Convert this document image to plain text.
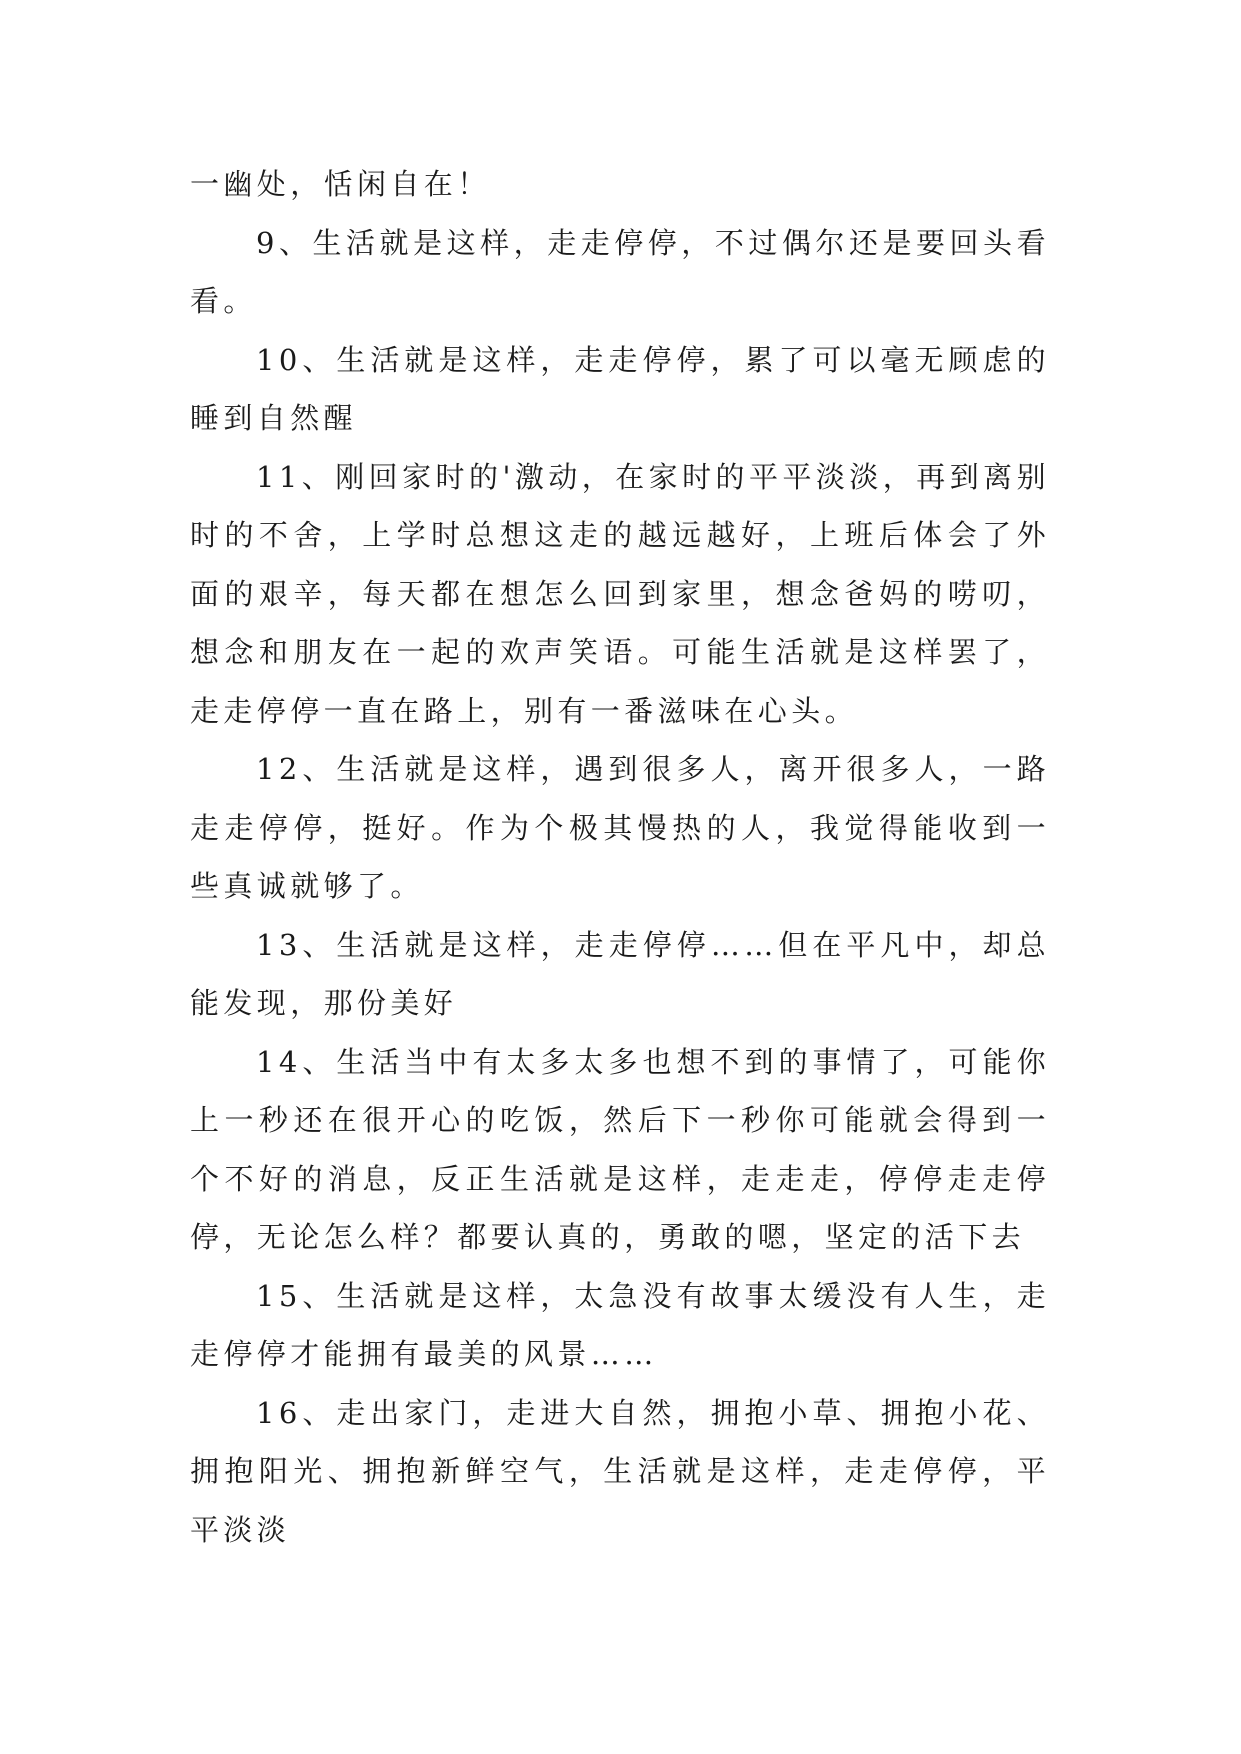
一幽处，恬闲自在！

9、生活就是这样，走走停停，不过偶尔还是要回头看看。

10、生活就是这样，走走停停，累了可以毫无顾虑的睡到自然醒

11、刚回家时的'激动，在家时的平平淡淡，再到离别时的不舍，上学时总想这走的越远越好，上班后体会了外面的艰辛，每天都在想怎么回到家里，想念爸妈的唠叨，想念和朋友在一起的欢声笑语。可能生活就是这样罢了，走走停停一直在路上，别有一番滋味在心头。

12、生活就是这样，遇到很多人，离开很多人，一路走走停停，挺好。作为个极其慢热的人，我觉得能收到一些真诚就够了。

13、生活就是这样，走走停停……但在平凡中，却总能发现，那份美好

14、生活当中有太多太多也想不到的事情了，可能你上一秒还在很开心的吃饭，然后下一秒你可能就会得到一个不好的消息，反正生活就是这样，走走走，停停走走停停，无论怎么样？都要认真的，勇敢的嗯，坚定的活下去

15、生活就是这样，太急没有故事太缓没有人生，走走停停才能拥有最美的风景……

16、走出家门，走进大自然，拥抱小草、拥抱小花、拥抱阳光、拥抱新鲜空气，生活就是这样，走走停停，平平淡淡
